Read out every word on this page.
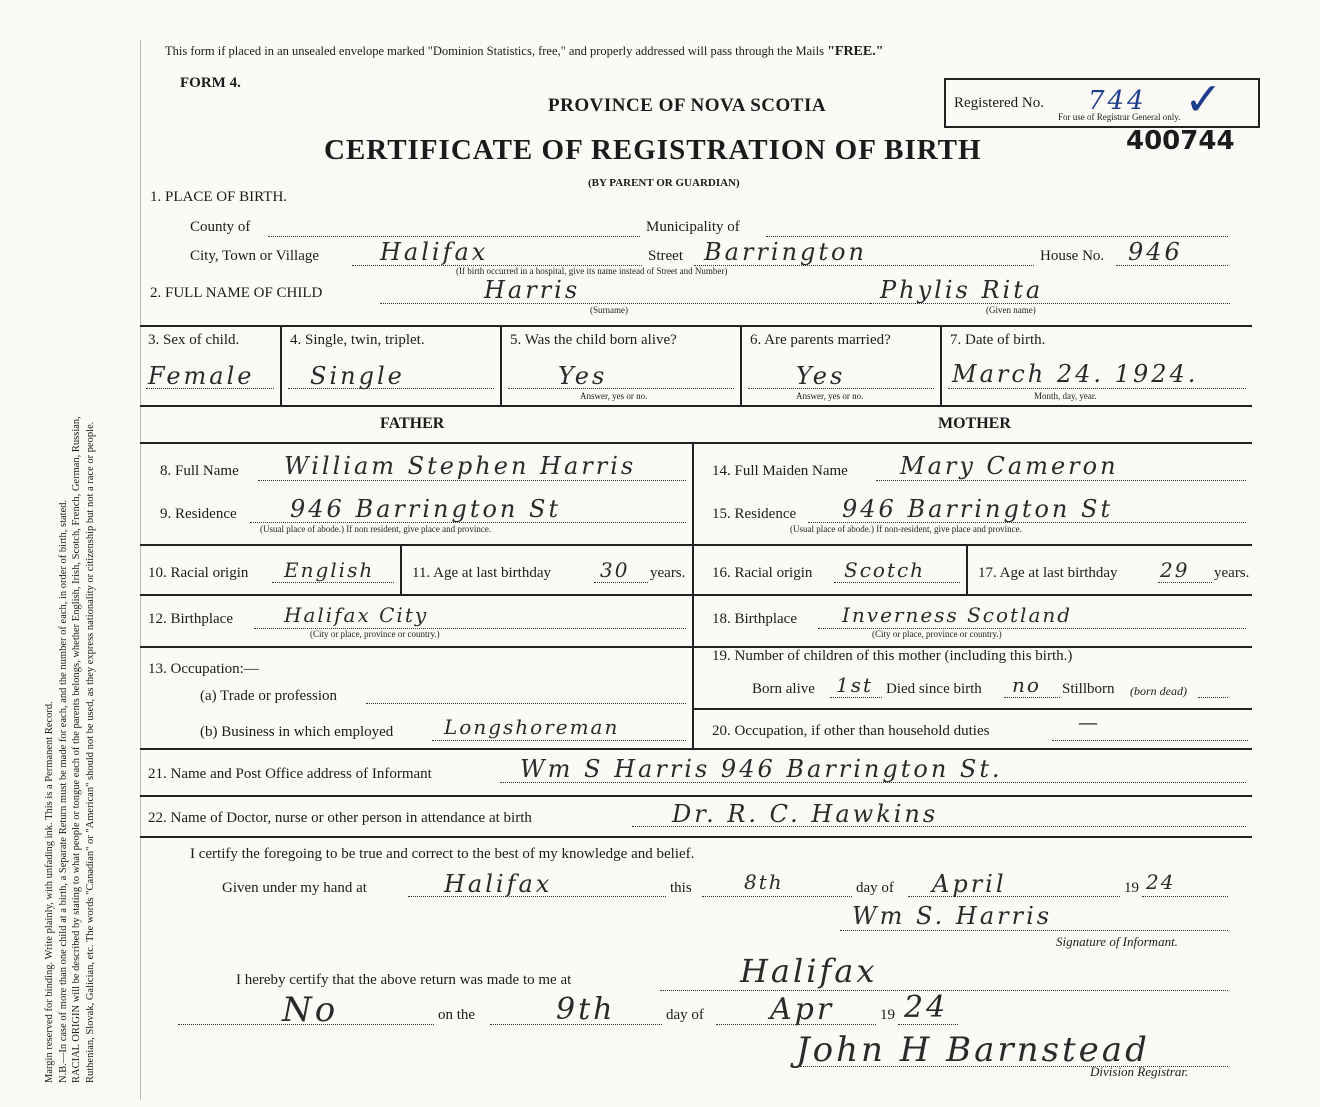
Margin reserved for binding. Write plainly, with unfading ink. This is a Permanent Record. N.B.—In case of more than one child at a birth, a Separate Return must be made for each, and the number of each, in order of birth, stated. RACIAL ORIGIN will be described by stating to what people or tongue each of the parents belongs, whether English, Irish, Scotch, French, German, Russian, Ruthenian, Slovak, Galician, etc. The words "Canadian" or "American" should not be used, as they express nationality or citizenship but not a race or people.
This form if placed in an unsealed envelope marked "Dominion Statistics, free," and properly addressed will pass through the Mails "FREE."
FORM 4.
PROVINCE OF NOVA SCOTIA
CERTIFICATE OF REGISTRATION OF BIRTH
(BY PARENT OR GUARDIAN)
Registered No. 744
For use of Registrar General only.
400744
✓
1. PLACE OF BIRTH.
County of	Municipality of
City, Town or Village	Halifax	Street Barrington	House No. 946
(If birth occurred in a hospital, give its name instead of Street and Number)
2. FULL NAME OF CHILD	Harris
(Surname)
Phylis Rita
(Given name)
3. Sex of child.
Female
4. Single, twin, triplet.
Single
5. Was the child born alive?
Yes
Answer, yes or no.
6. Are parents married?
Yes
Answer, yes or no.
7. Date of birth.
March 24. 1924.
Month, day, year.
FATHER	MOTHER
8. Full Name William Stephen Harris
9. Residence 946 Barrington St
(Usual place of abode.) If non resident, give place and province.
10. Racial origin English	11. Age at last birthday 30 years.
12. Birthplace	Halifax City
(City or place, province or country.)
13. Occupation:—
(a) Trade or profession
(b) Business in which employed	Longshoreman
14. Full Maiden Name Mary Cameron
15. Residence 946 Barrington St
(Usual place of abode.) If non-resident, give place and province.
16. Racial origin Scotch	17. Age at last birthday 29 years.
18. Birthplace Inverness Scotland
(City or place, province or country.)
19. Number of children of this mother (including this birth.)
Born alive 1st Died since birth no Stillborn (born dead)
20. Occupation, if other than household duties	—
21. Name and Post Office address of Informant	Wm S Harris 946 Barrington St.
22. Name of Doctor, nurse or other person in attendance at birth	Dr. R. C. Hawkins
I certify the foregoing to be true and correct to the best of my knowledge and belief.
Given under my hand at	Halifax	this	8th	day of April	19 24
Wm S. Harris
Signature of Informant.
I hereby certify that the above return was made to me at	Halifax
No	on the	9th	day of Apr	19 24
John H Barnstead
Division Registrar.
